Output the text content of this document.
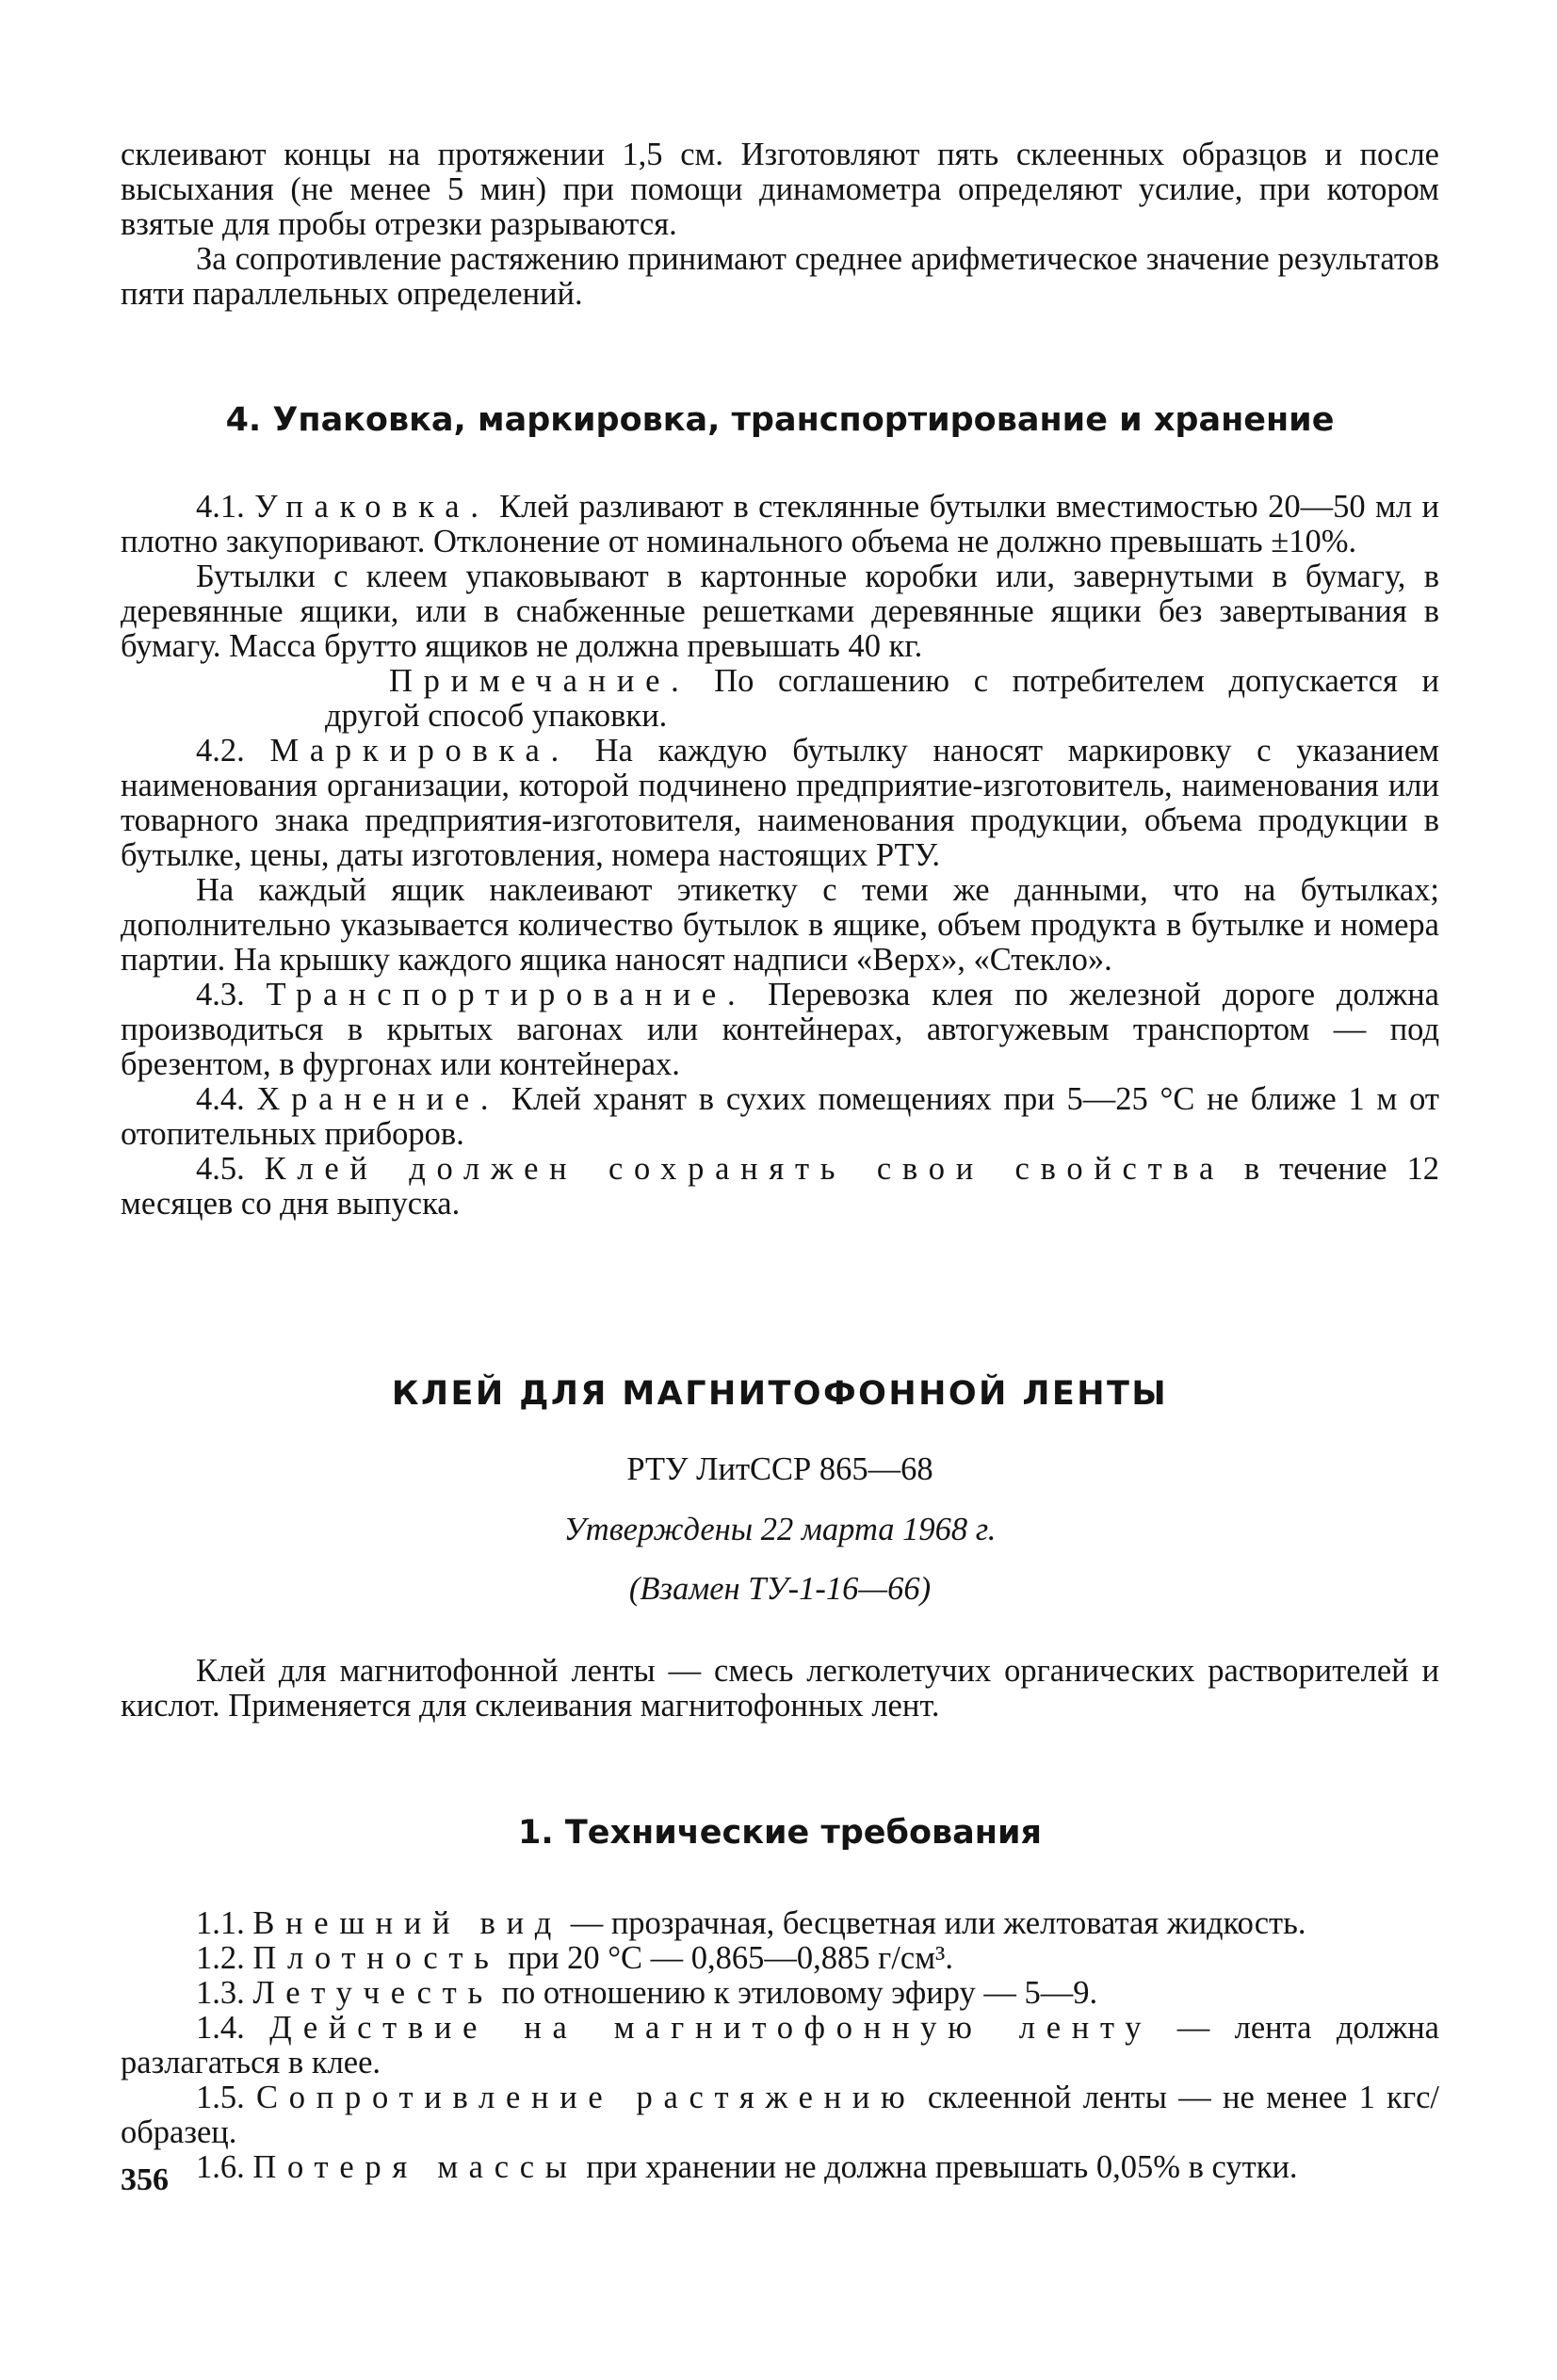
склеивают концы на протяжении 1,5 см. Изготовляют пять склеенных образцов и после высыхания (не менее 5 мин) при помощи динамометра определяют усилие, при котором взятые для пробы отрезки разрываются.

За сопротивление растяжению принимают среднее арифметическое значение результатов пяти параллельных определений.

4. Упаковка, маркировка, транспортирование и хранение

4.1. Упаковка. Клей разливают в стеклянные бутылки вместимостью 20—50 мл и плотно закупоривают. Отклонение от номинального объема не должно превышать ±10%.

Бутылки с клеем упаковывают в картонные коробки или, завернутыми в бумагу, в деревянные ящики, или в снабженные решетками деревянные ящики без завертывания в бумагу. Масса брутто ящиков не должна превышать 40 кг.

Примечание. По соглашению с потребителем допускается и другой способ упаковки.

4.2. Маркировка. На каждую бутылку наносят маркировку с указанием наименования организации, которой подчинено предприятие-изготовитель, наименования или товарного знака предприятия-изготовителя, наименования продукции, объема продукции в бутылке, цены, даты изготовления, номера настоящих РТУ.

На каждый ящик наклеивают этикетку с теми же данными, что на бутылках; дополнительно указывается количество бутылок в ящике, объем продукта в бутылке и номера партии. На крышку каждого ящика наносят надписи «Верх», «Стекло».

4.3. Транспортирование. Перевозка клея по железной дороге должна производиться в крытых вагонах или контейнерах, автогужевым транспортом — под брезентом, в фургонах или контейнерах.

4.4. Хранение. Клей хранят в сухих помещениях при 5—25 °C не ближе 1 м от отопительных приборов.

4.5. Клей должен сохранять свои свойства в течение 12 месяцев со дня выпуска.

КЛЕЙ ДЛЯ МАГНИТОФОННОЙ ЛЕНТЫ

РТУ ЛитССР 865—68

Утверждены 22 марта 1968 г.

(Взамен ТУ-1-16—66)

Клей для магнитофонной ленты — смесь легколетучих органических растворителей и кислот. Применяется для склеивания магнитофонных лент.

1. Технические требования

1.1. Внешний вид — прозрачная, бесцветная или желтоватая жидкость.

1.2. Плотность при 20 °C — 0,865—0,885 г/см³.

1.3. Летучесть по отношению к этиловому эфиру — 5—9.

1.4. Действие на магнитофонную ленту — лента должна разлагаться в клее.

1.5. Сопротивление растяжению склеенной ленты — не менее 1 кгс/образец.

1.6. Потеря массы при хранении не должна превышать 0,05% в сутки.

356
